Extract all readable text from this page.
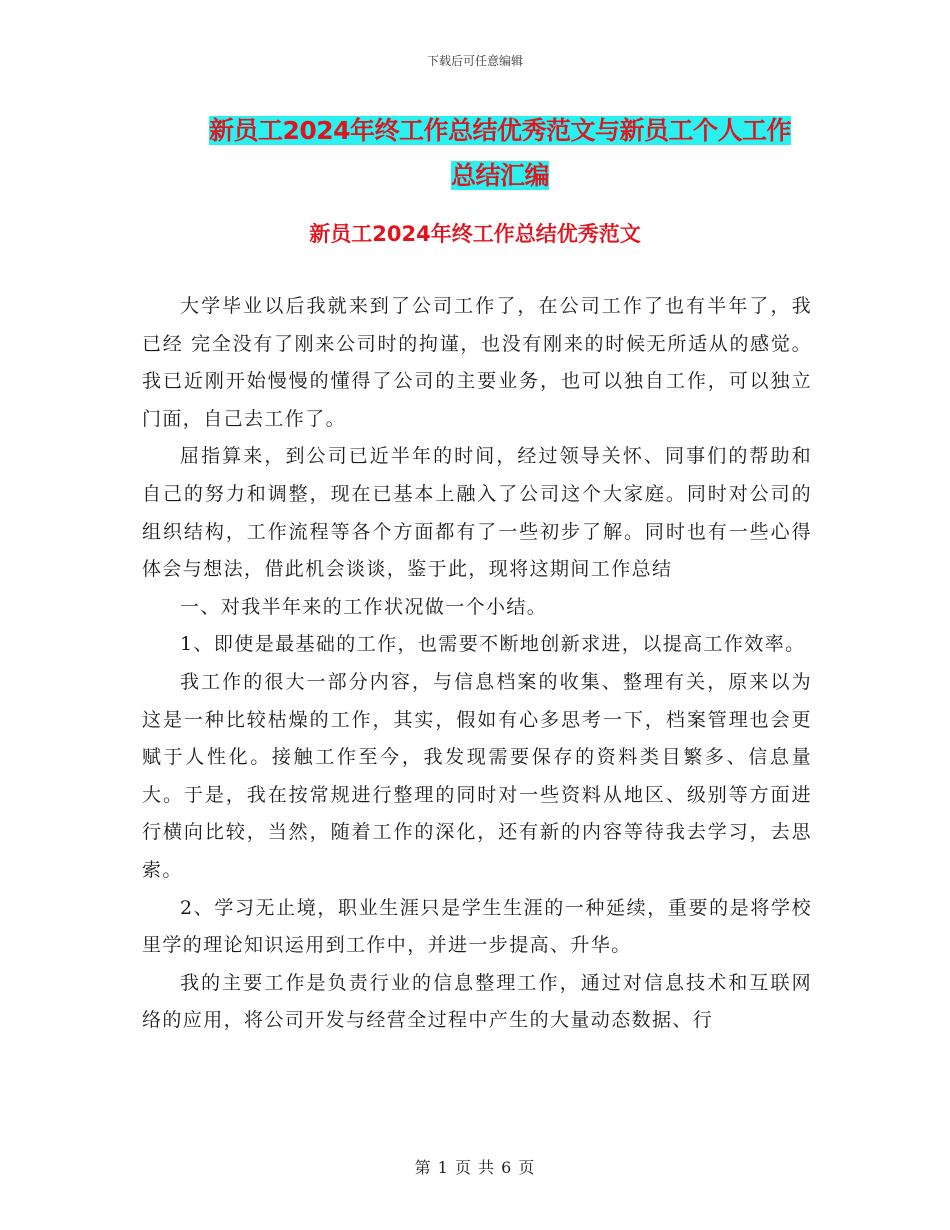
下载后可任意编辑
新员工2024年终工作总结优秀范文与新员工个人工作
总结汇编
新员工2024年终工作总结优秀范文

大学毕业以后我就来到了公司工作了，在公司工作了也有半年了，我已经 完全没有了刚来公司时的拘谨，也没有刚来的时候无所适从的感觉。我已近刚开始慢慢的懂得了公司的主要业务，也可以独自工作，可以独立门面，自己去工作了。

屈指算来，到公司已近半年的时间，经过领导关怀、同事们的帮助和自己的努力和调整，现在已基本上融入了公司这个大家庭。同时对公司的组织结构，工作流程等各个方面都有了一些初步了解。同时也有一些心得体会与想法，借此机会谈谈，鉴于此，现将这期间工作总结

一、对我半年来的工作状况做一个小结。

1、即使是最基础的工作，也需要不断地创新求进，以提高工作效率。

我工作的很大一部分内容，与信息档案的收集、整理有关，原来以为这是一种比较枯燥的工作，其实，假如有心多思考一下，档案管理也会更赋于人性化。接触工作至今，我发现需要保存的资料类目繁多、信息量大。于是，我在按常规进行整理的同时对一些资料从地区、级别等方面进行横向比较，当然，随着工作的深化，还有新的内容等待我去学习，去思索。

2、学习无止境，职业生涯只是学生生涯的一种延续，重要的是将学校里学的理论知识运用到工作中，并进一步提高、升华。

我的主要工作是负责行业的信息整理工作，通过对信息技术和互联网络的应用，将公司开发与经营全过程中产生的大量动态数据、行

第 1 页 共 6 页
